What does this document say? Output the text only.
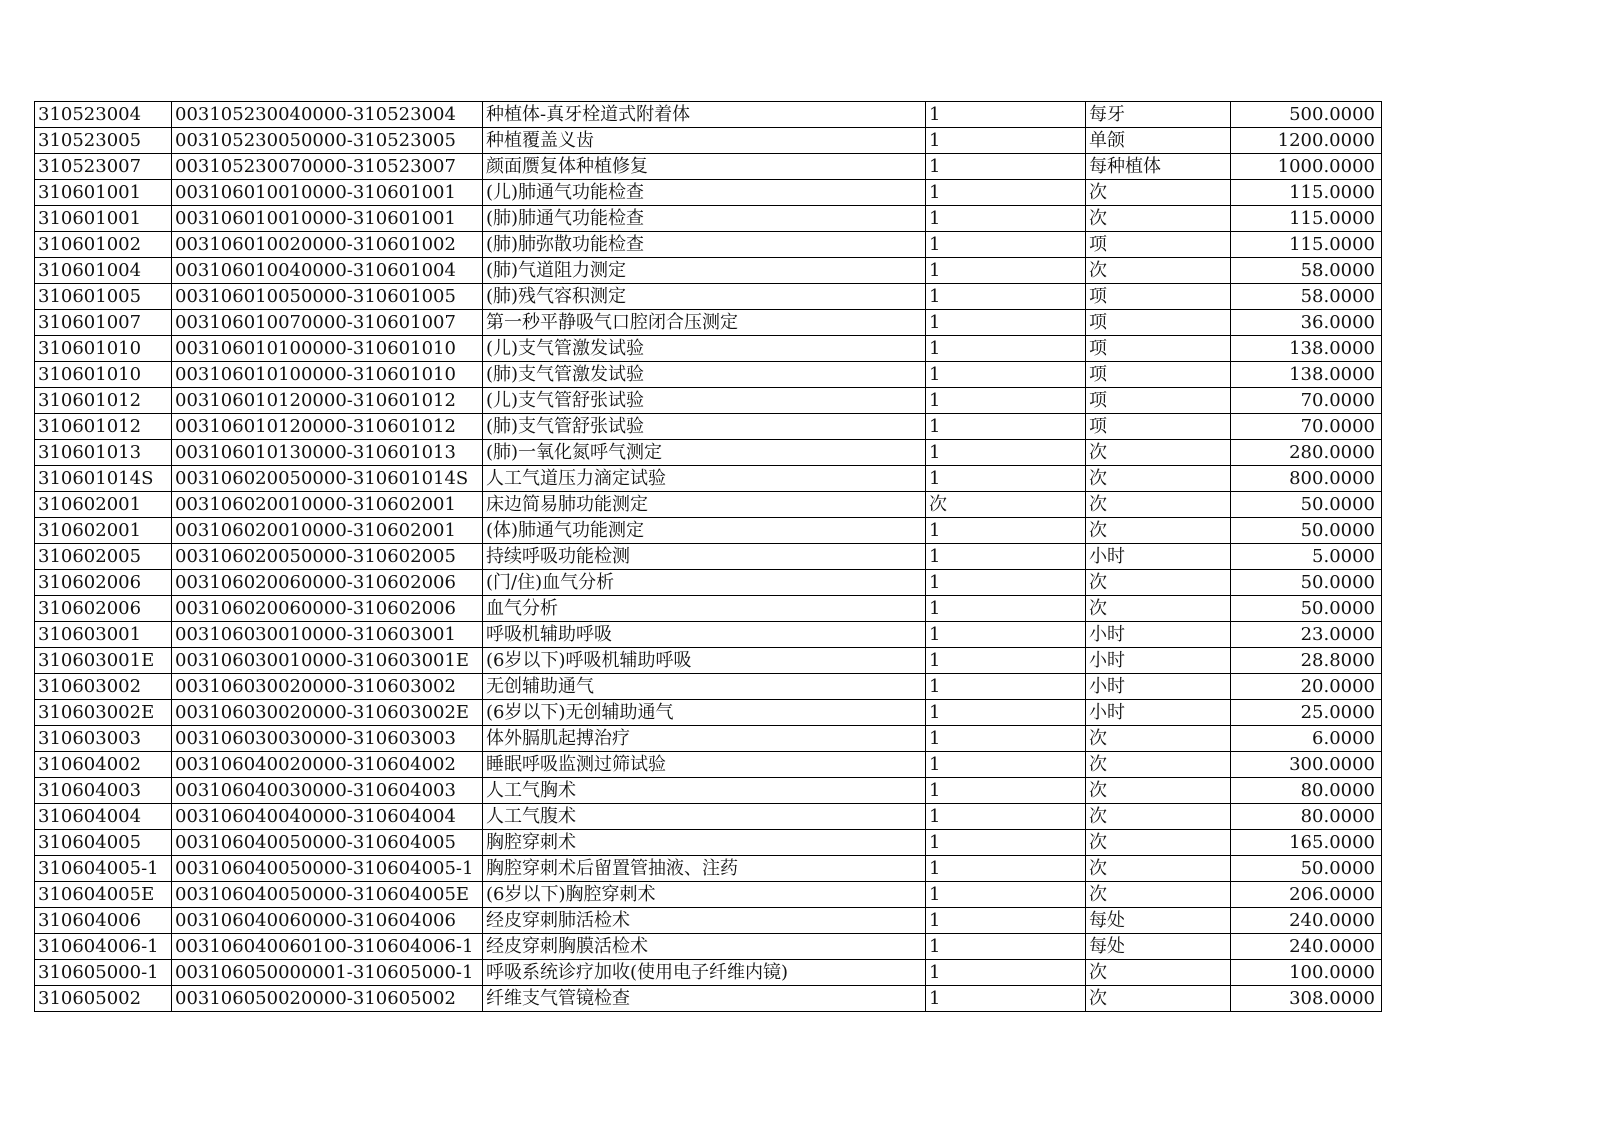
310523004	003105230040000-310523004	种植体-真牙栓道式附着体	1	每牙	500.0000
310523005	003105230050000-310523005	种植覆盖义齿	1	单颌	1200.0000
310523007	003105230070000-310523007	颜面赝复体种植修复	1	每种植体	1000.0000
310601001	003106010010000-310601001	(儿)肺通气功能检查	1	次	115.0000
310601001	003106010010000-310601001	(肺)肺通气功能检查	1	次	115.0000
310601002	003106010020000-310601002	(肺)肺弥散功能检查	1	项	115.0000
310601004	003106010040000-310601004	(肺)气道阻力测定	1	次	58.0000
310601005	003106010050000-310601005	(肺)残气容积测定	1	项	58.0000
310601007	003106010070000-310601007	第一秒平静吸气口腔闭合压测定	1	项	36.0000
310601010	003106010100000-310601010	(儿)支气管激发试验	1	项	138.0000
310601010	003106010100000-310601010	(肺)支气管激发试验	1	项	138.0000
310601012	003106010120000-310601012	(儿)支气管舒张试验	1	项	70.0000
310601012	003106010120000-310601012	(肺)支气管舒张试验	1	项	70.0000
310601013	003106010130000-310601013	(肺)一氧化氮呼气测定	1	次	280.0000
310601014S	003106020050000-310601014S	人工气道压力滴定试验	1	次	800.0000
310602001	003106020010000-310602001	床边简易肺功能测定	次	次	50.0000
310602001	003106020010000-310602001	(体)肺通气功能测定	1	次	50.0000
310602005	003106020050000-310602005	持续呼吸功能检测	1	小时	5.0000
310602006	003106020060000-310602006	(门/住)血气分析	1	次	50.0000
310602006	003106020060000-310602006	血气分析	1	次	50.0000
310603001	003106030010000-310603001	呼吸机辅助呼吸	1	小时	23.0000
310603001E	003106030010000-310603001E	(6岁以下)呼吸机辅助呼吸	1	小时	28.8000
310603002	003106030020000-310603002	无创辅助通气	1	小时	20.0000
310603002E	003106030020000-310603002E	(6岁以下)无创辅助通气	1	小时	25.0000
310603003	003106030030000-310603003	体外膈肌起搏治疗	1	次	6.0000
310604002	003106040020000-310604002	睡眠呼吸监测过筛试验	1	次	300.0000
310604003	003106040030000-310604003	人工气胸术	1	次	80.0000
310604004	003106040040000-310604004	人工气腹术	1	次	80.0000
310604005	003106040050000-310604005	胸腔穿刺术	1	次	165.0000
310604005-1	003106040050000-310604005-1	胸腔穿刺术后留置管抽液、注药	1	次	50.0000
310604005E	003106040050000-310604005E	(6岁以下)胸腔穿刺术	1	次	206.0000
310604006	003106040060000-310604006	经皮穿刺肺活检术	1	每处	240.0000
310604006-1	003106040060100-310604006-1	经皮穿刺胸膜活检术	1	每处	240.0000
310605000-1	003106050000001-310605000-1	呼吸系统诊疗加收(使用电子纤维内镜)	1	次	100.0000
310605002	003106050020000-310605002	纤维支气管镜检查	1	次	308.0000
